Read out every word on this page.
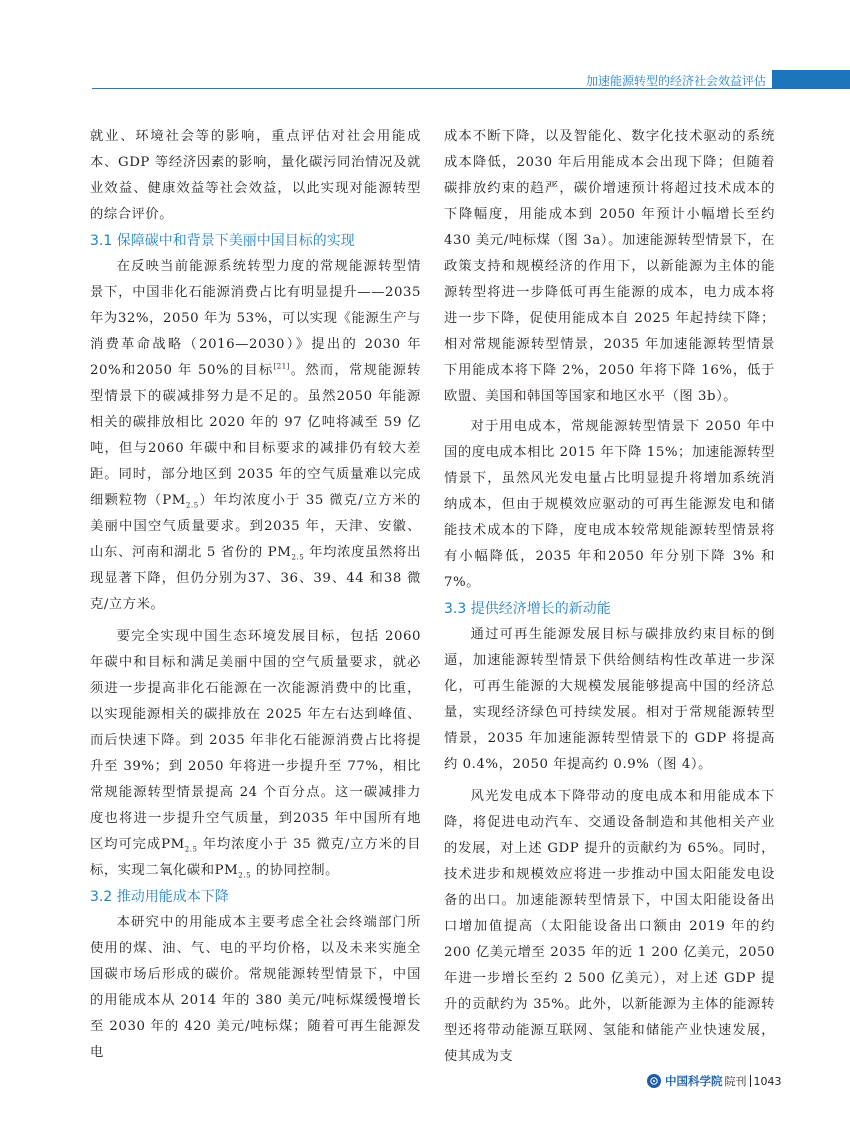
加速能源转型的经济社会效益评估

就业、环境社会等的影响，重点评估对社会用能成本、GDP 等经济因素的影响，量化碳污同治情况及就业效益、健康效益等社会效益，以此实现对能源转型的综合评价。

3.1 保障碳中和背景下美丽中国目标的实现

在反映当前能源系统转型力度的常规能源转型情景下，中国非化石能源消费占比有明显提升——2035 年为32%，2050 年为 53%，可以实现《能源生产与消费革命战略（2016—2030）》提出的 2030 年 20%和2050 年 50%的目标[21]。然而，常规能源转型情景下的碳减排努力是不足的。虽然2050 年能源相关的碳排放相比 2020 年的 97 亿吨将减至 59 亿吨，但与2060 年碳中和目标要求的减排仍有较大差距。同时，部分地区到 2035 年的空气质量难以完成细颗粒物$(PM_{2.5})$年均浓度小于 35 微克/立方米的美丽中国空气质量要求。到2035 年，天津、安徽、山东、河南和湖北 5 省份的 $PM_{2.5}$ 年均浓度虽然将出现显著下降，但仍分别为37、36、39、44 和38 微克/立方米。

要完全实现中国生态环境发展目标，包括 2060 年碳中和目标和满足美丽中国的空气质量要求，就必须进一步提高非化石能源在一次能源消费中的比重，以实现能源相关的碳排放在 2025 年左右达到峰值、而后快速下降。到 2035 年非化石能源消费占比将提升至 39%；到 2050 年将进一步提升至 77%，相比常规能源转型情景提高 24 个百分点。这一碳减排力度也将进一步提升空气质量，到2035 年中国所有地区均可完成$PM_{2.5}$ 年均浓度小于 35 微克/立方米的目标，实现二氧化碳和$PM_{2.5}$ 的协同控制。

3.2 推动用能成本下降

本研究中的用能成本主要考虑全社会终端部门所使用的煤、油、气、电的平均价格，以及未来实施全国碳市场后形成的碳价。常规能源转型情景下，中国的用能成本从 2014 年的 380 美元/吨标煤缓慢增长至 2030 年的 420 美元/吨标煤；随着可再生能源发电

成本不断下降，以及智能化、数字化技术驱动的系统成本降低，2030 年后用能成本会出现下降；但随着碳排放约束的趋严，碳价增速预计将超过技术成本的下降幅度，用能成本到 2050 年预计小幅增长至约 430 美元/吨标煤（图 3a）。加速能源转型情景下，在政策支持和规模经济的作用下，以新能源为主体的能源转型将进一步降低可再生能源的成本，电力成本将进一步下降，促使用能成本自 2025 年起持续下降；相对常规能源转型情景，2035 年加速能源转型情景下用能成本将下降 2%，2050 年将下降 16%，低于欧盟、美国和韩国等国家和地区水平（图 3b）。

对于用电成本，常规能源转型情景下 2050 年中国的度电成本相比 2015 年下降 15%；加速能源转型情景下，虽然风光发电量占比明显提升将增加系统消纳成本，但由于规模效应驱动的可再生能源发电和储能技术成本的下降，度电成本较常规能源转型情景将有小幅降低，2035 年和2050 年分别下降 3% 和 7%。

3.3 提供经济增长的新动能

通过可再生能源发展目标与碳排放约束目标的倒逼，加速能源转型情景下供给侧结构性改革进一步深化，可再生能源的大规模发展能够提高中国的经济总量，实现经济绿色可持续发展。相对于常规能源转型情景，2035 年加速能源转型情景下的 GDP 将提高约 0.4%，2050 年提高约 0.9%（图 4）。

风光发电成本下降带动的度电成本和用能成本下降，将促进电动汽车、交通设备制造和其他相关产业的发展，对上述 GDP 提升的贡献约为 65%。同时，技术进步和规模效应将进一步推动中国太阳能发电设备的出口。加速能源转型情景下，中国太阳能设备出口增加值提高（太阳能设备出口额由 2019 年的约 200 亿美元增至 2035 年的近 1 200 亿美元，2050 年进一步增长至约 2 500 亿美元），对上述 GDP 提升的贡献约为 35%。此外，以新能源为主体的能源转型还将带动能源互联网、氢能和储能产业快速发展，使其成为支

中国科学院 院刊 1043
